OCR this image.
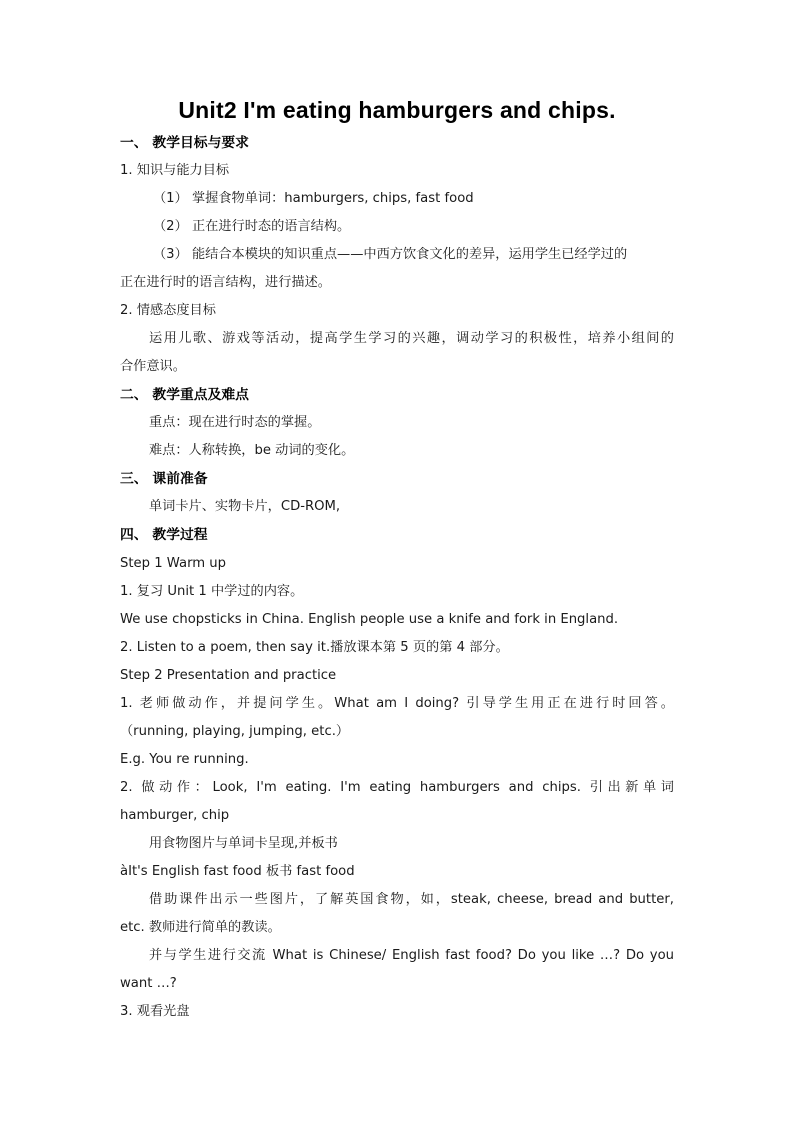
Unit2 I'm eating hamburgers and chips.
一、 教学目标与要求
1. 知识与能力目标
（1） 掌握食物单词：hamburgers, chips, fast food
（2） 正在进行时态的语言结构。
（3） 能结合本模块的知识重点——中西方饮食文化的差异，运用学生已经学过的
正在进行时的语言结构，进行描述。
2. 情感态度目标
运用儿歌、游戏等活动，提高学生学习的兴趣，调动学习的积极性，培养小组间的
合作意识。
二、 教学重点及难点
重点：现在进行时态的掌握。
难点：人称转换，be 动词的变化。
三、 课前准备
单词卡片、实物卡片，CD-ROM,
四、 教学过程
Step 1 Warm up
1. 复习 Unit 1 中学过的内容。
We use chopsticks in China. English people use a knife and fork in England.
2. Listen to a poem, then say it.播放课本第 5 页的第 4 部分。
Step 2 Presentation and practice
1. 老师做动作，并提问学生。What am I doing? 引导学生用正在进行时回答。
（running, playing, jumping, etc.）
E.g. You re running.
2. 做动作：Look, I'm eating. I'm eating hamburgers and chips. 引出新单词
hamburger, chip
用食物图片与单词卡呈现,并板书
àIt's English fast food 板书 fast food
借助课件出示一些图片，了解英国食物，如，steak, cheese, bread and butter,
etc. 教师进行简单的教读。
并与学生进行交流 What is Chinese/ English fast food? Do you like …? Do you
want …?
3. 观看光盘
